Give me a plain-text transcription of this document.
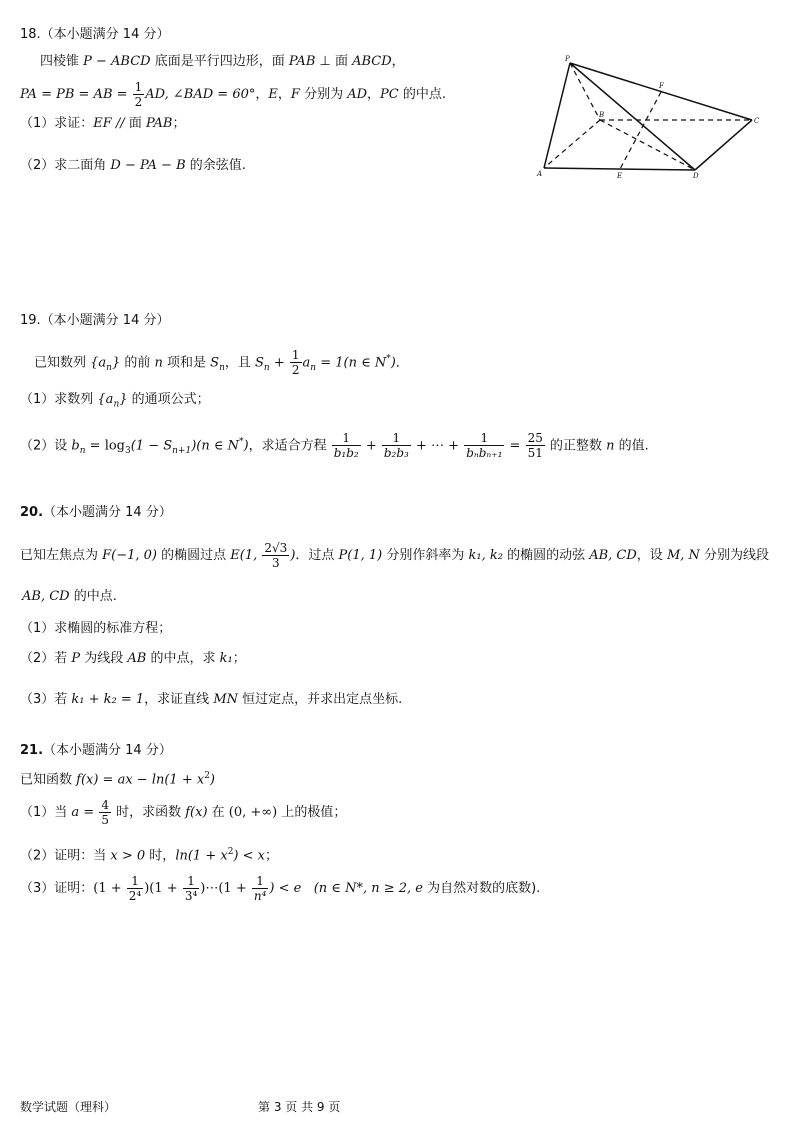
18.（本小题满分 14 分）
四棱锥 P − ABCD 底面是平行四边形，面 PAB ⊥ 面 ABCD，
PA = PB = AB = $\frac{1}{2}$ AD, ∠BAD = 60°，E，F 分别为 AD，PC 的中点.
（1）求证：EF // 面 PAB；
（2）求二面角 D − PA − B 的余弦值.
P
F
B
C
A	E	D
19.（本小题满分 14 分）
已知数列 $\{a_n\}$ 的前 n 项和是 $S_n$，且 $S_n + \frac{1}{2} a_n = 1(n$ ∈ N*)．
（1）求数列 $\{a_n\}$ 的通项公式；
（2）设 $b_n = \log_3(1 - S_{n+1})(n$ ∈ N*)，求适合方程 $\frac{1}{\text{b₁b₂}} + \frac{1}{\text{b₂b₃}}$ + ⋯ + $\frac{1}{\text{bₙbₙ₊₁}} = \frac{25}{51}$ 的正整数 n 的值.
20.（本小题满分 14 分）
已知左焦点为 F(−1, 0) 的椭圆过点 E(1, $\frac{2√3}{3}$ )．过点 P(1, 1) 分别作斜率为 k₁, k₂ 的椭圆的动弦 AB, CD，设 M, N 分别为线段
AB, CD 的中点.
（1）求椭圆的标准方程；
（2）若 P 为线段 AB 的中点，求 k₁；
（3）若 k₁ + k₂ = 1，求证直线 MN 恒过定点，并求出定点坐标.
21.（本小题满分 14 分）
已知函数 f(x) = ax − $\ln(1 + x^2)$
（1）当 $a = \frac{4}{5}$ 时，求函数 f(x) 在 (0, +∞) 上的极值；
（2）证明：当 x > 0 时，$\ln(1 + x^2) < x$；
（3）证明：$(1 + \frac{1}{\text{2⁴}} )(1 + \frac{1}{\text{3⁴}}$ )⋯(1 + $\frac{1}{\text{n⁴}}$ ) < e (n ∈ N*, n ≥ 2, e 为自然对数的底数).
数学试题（理科）	第 3 页 共 9 页
